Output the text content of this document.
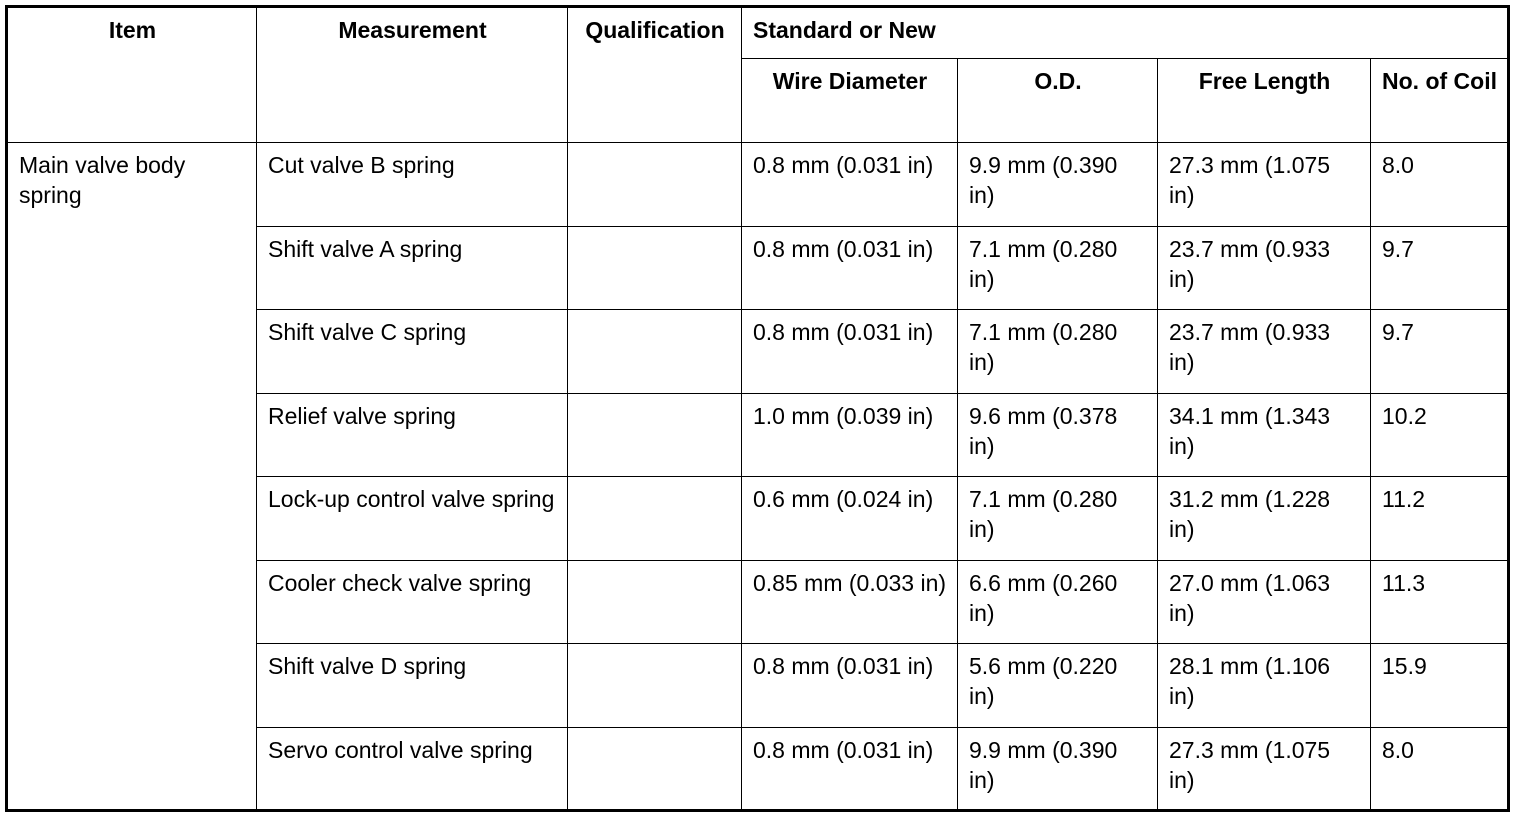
Item	Measurement	Qualification	Standard or New			
			Wire Diameter	O.D.	Free Length	No. of Coil
Main valve body spring	Cut valve B spring		0.8 mm (0.031 in)	9.9 mm (0.390 in)	27.3 mm (1.075 in)	8.0
	Shift valve A spring		0.8 mm (0.031 in)	7.1 mm (0.280 in)	23.7 mm (0.933 in)	9.7
	Shift valve C spring		0.8 mm (0.031 in)	7.1 mm (0.280 in)	23.7 mm (0.933 in)	9.7
	Relief valve spring		1.0 mm (0.039 in)	9.6 mm (0.378 in)	34.1 mm (1.343 in)	10.2
	Lock-up control valve spring		0.6 mm (0.024 in)	7.1 mm (0.280 in)	31.2 mm (1.228 in)	11.2
	Cooler check valve spring		0.85 mm (0.033 in)	6.6 mm (0.260 in)	27.0 mm (1.063 in)	11.3
	Shift valve D spring		0.8 mm (0.031 in)	5.6 mm (0.220 in)	28.1 mm (1.106 in)	15.9
	Servo control valve spring		0.8 mm (0.031 in)	9.9 mm (0.390 in)	27.3 mm (1.075 in)	8.0
